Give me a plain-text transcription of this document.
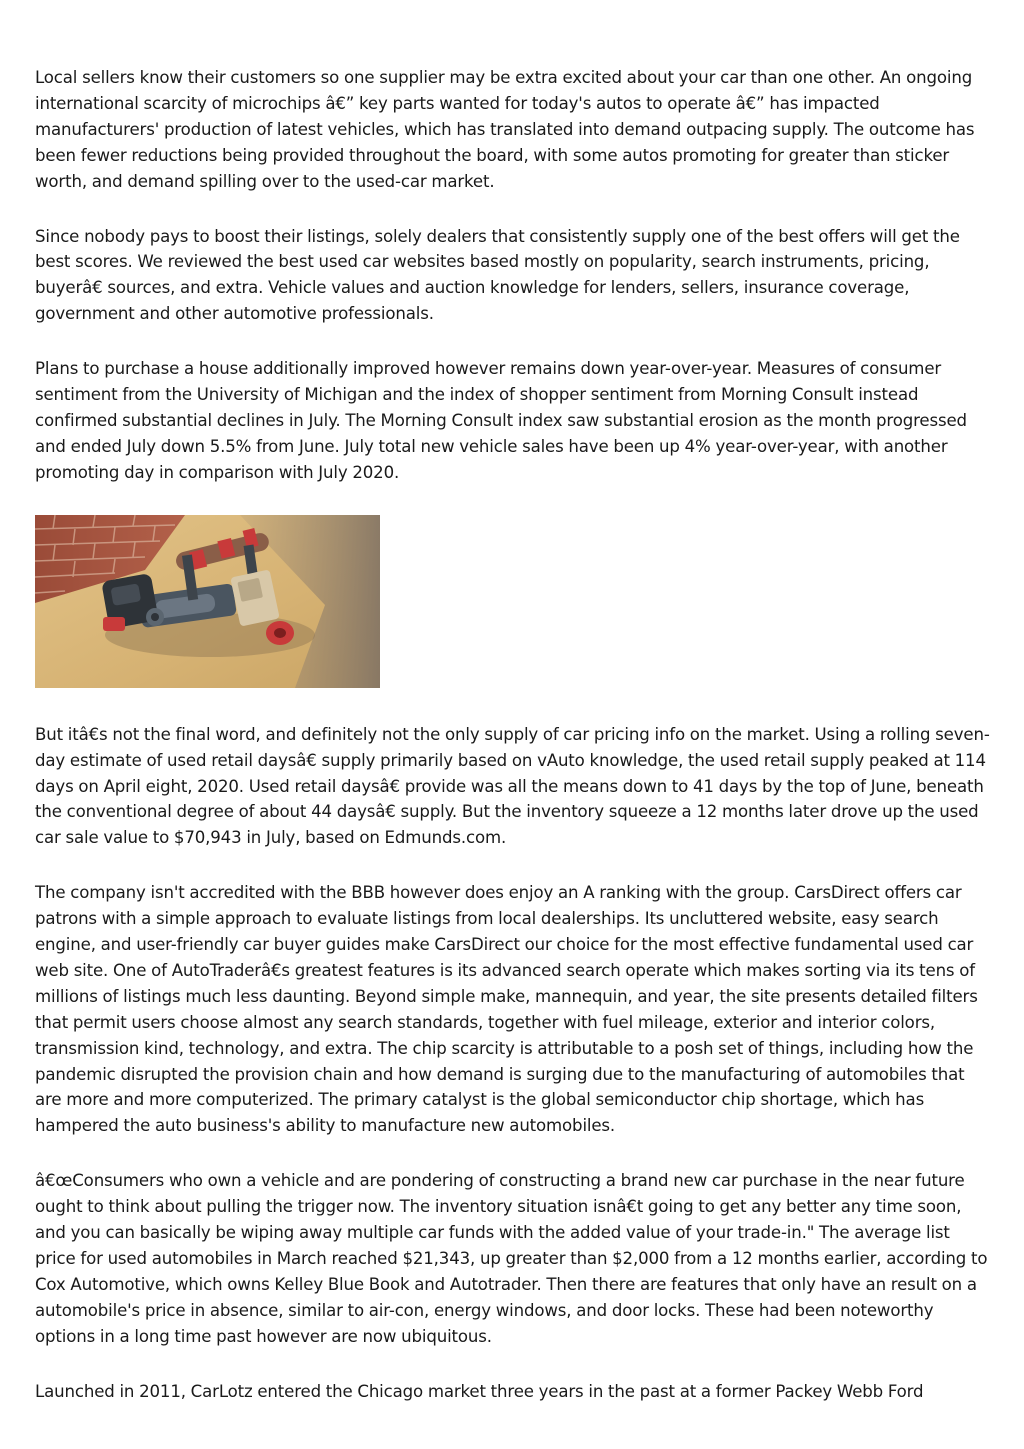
Local sellers know their customers so one supplier may be extra excited about your car than one other. An ongoing international scarcity of microchips â€” key parts wanted for today's autos to operate â€” has impacted manufacturers' production of latest vehicles, which has translated into demand outpacing supply. The outcome has been fewer reductions being provided throughout the board, with some autos promoting for greater than sticker worth, and demand spilling over to the used-car market.

Since nobody pays to boost their listings, solely dealers that consistently supply one of the best offers will get the best scores. We reviewed the best used car websites based mostly on popularity, search instruments, pricing, buyerâ€ sources, and extra. Vehicle values and auction knowledge for lenders, sellers, insurance coverage, government and other automotive professionals.

Plans to purchase a house additionally improved however remains down year-over-year. Measures of consumer sentiment from the University of Michigan and the index of shopper sentiment from Morning Consult instead confirmed substantial declines in July. The Morning Consult index saw substantial erosion as the month progressed and ended July down 5.5% from June. July total new vehicle sales have been up 4% year-over-year, with another promoting day in comparison with July 2020.

But itâ€s not the final word, and definitely not the only supply of car pricing info on the market. Using a rolling seven-day estimate of used retail daysâ€ supply primarily based on vAuto knowledge, the used retail supply peaked at 114 days on April eight, 2020. Used retail daysâ€ provide was all the means down to 41 days by the top of June, beneath the conventional degree of about 44 daysâ€ supply. But the inventory squeeze a 12 months later drove up the used car sale value to $70,943 in July, based on Edmunds.com.

The company isn't accredited with the BBB however does enjoy an A ranking with the group. CarsDirect offers car patrons with a simple approach to evaluate listings from local dealerships. Its uncluttered website, easy search engine, and user-friendly car buyer guides make CarsDirect our choice for the most effective fundamental used car web site. One of AutoTraderâ€s greatest features is its advanced search operate which makes sorting via its tens of millions of listings much less daunting. Beyond simple make, mannequin, and year, the site presents detailed filters that permit users choose almost any search standards, together with fuel mileage, exterior and interior colors, transmission kind, technology, and extra. The chip scarcity is attributable to a posh set of things, including how the pandemic disrupted the provision chain and how demand is surging due to the manufacturing of automobiles that are more and more computerized. The primary catalyst is the global semiconductor chip shortage, which has hampered the auto business's ability to manufacture new automobiles.

â€œConsumers who own a vehicle and are pondering of constructing a brand new car purchase in the near future ought to think about pulling the trigger now. The inventory situation isnâ€t going to get any better any time soon, and you can basically be wiping away multiple car funds with the added value of your trade-in." The average list price for used automobiles in March reached $21,343, up greater than $2,000 from a 12 months earlier, according to Cox Automotive, which owns Kelley Blue Book and Autotrader. Then there are features that only have an result on a automobile's price in absence, similar to air-con, energy windows, and door locks. These had been noteworthy options in a long time past however are now ubiquitous.

Launched in 2011, CarLotz entered the Chicago market three years in the past at a former Packey Webb Ford
